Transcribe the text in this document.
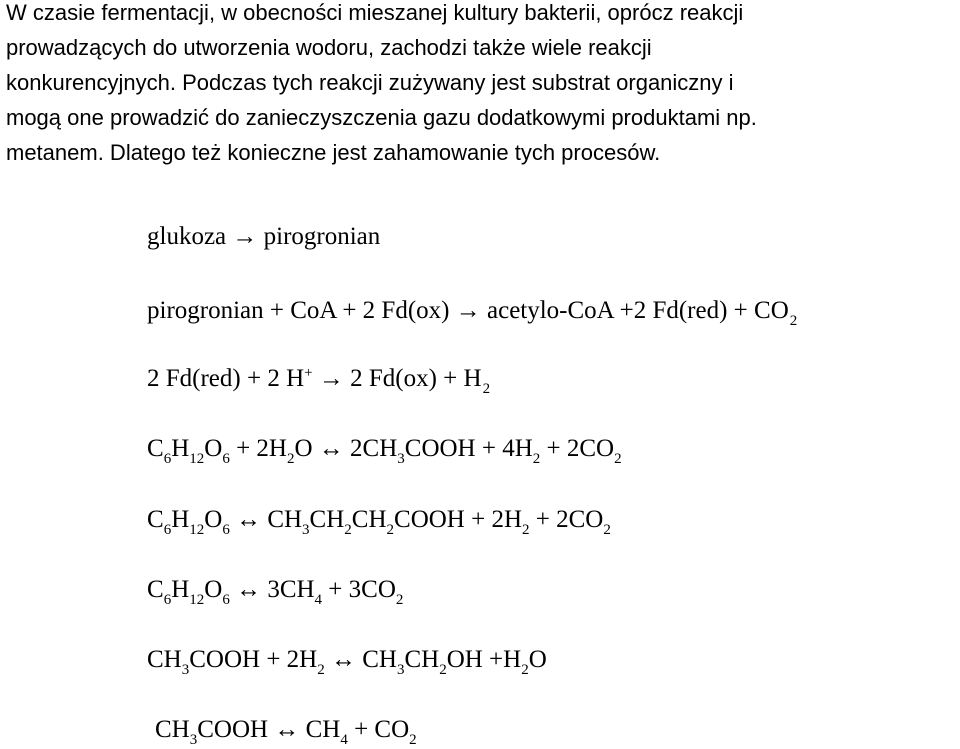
W czasie fermentacji, w obecności mieszanej kultury bakterii, oprócz reakcji
prowadzących do utworzenia wodoru, zachodzi także wiele reakcji
konkurencyjnych. Podczas tych reakcji zużywany jest substrat organiczny i
mogą one prowadzić do zanieczyszczenia gazu dodatkowymi produktami np.
metanem. Dlatego też konieczne jest zahamowanie tych procesów.
glukoza → pirogronian
pirogronian + CoA + 2 Fd(ox) → acetylo-CoA +2 $Fd(red) + CO_2$
2 Fd(red) + 2 H+ → 2 $Fd(ox) + H_2$
$C_6H_{12}O_6 + 2H_2O$ ↔ $2CH_3COOH + 4H_2 + 2CO_2$
$C_6H_{12}O_6$ ↔ $CH_3CH_2CH_2COOH + 2H_2 + 2CO_2$
$C_6H_{12}O_6$ ↔ $3CH_4 + 3CO_2$
$CH_3COOH + 2H_2$ ↔ $CH_3CH_2OH +H_2O$
$CH_3COOH$ ↔ $CH_4 + CO_2$
